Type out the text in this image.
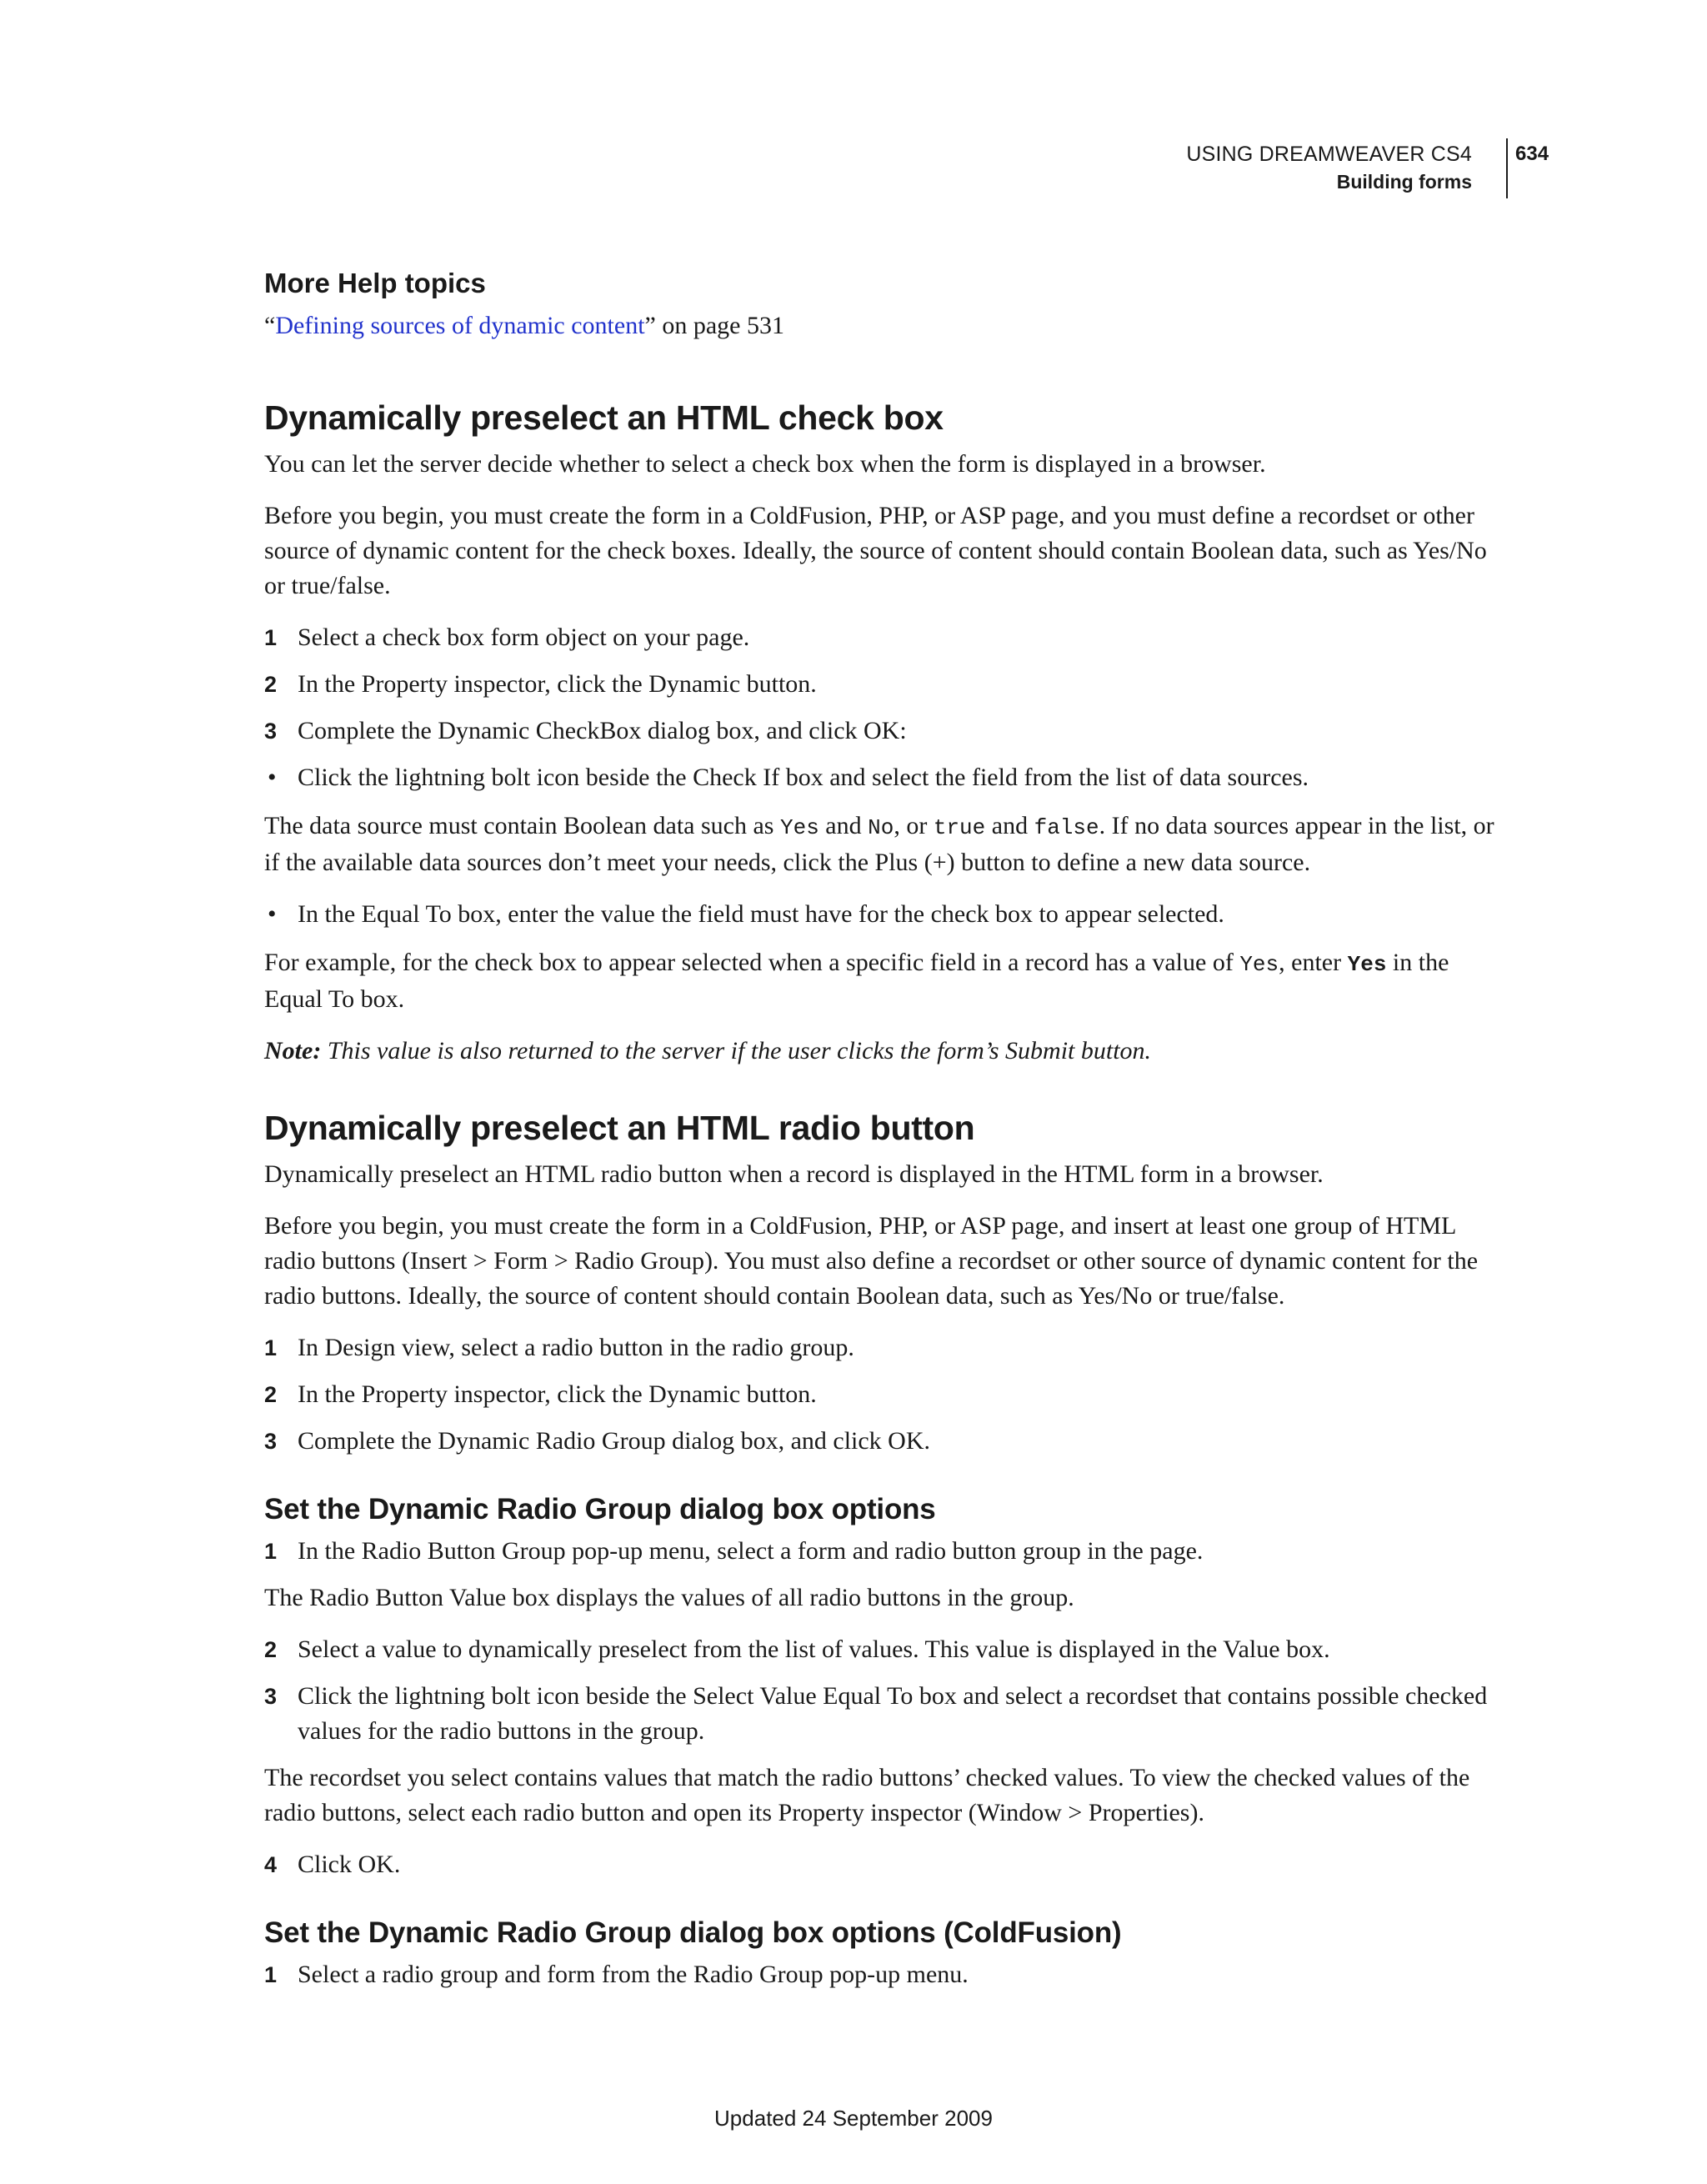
USING DREAMWEAVER CS4
Building forms
634
More Help topics

“Defining sources of dynamic content” on page 531

Dynamically preselect an HTML check box

You can let the server decide whether to select a check box when the form is displayed in a browser.

Before you begin, you must create the form in a ColdFusion, PHP, or ASP page, and you must define a recordset or other source of dynamic content for the check boxes. Ideally, the source of content should contain Boolean data, such as Yes/No or true/false.

1 Select a check box form object on your page.
2 In the Property inspector, click the Dynamic button.
3 Complete the Dynamic CheckBox dialog box, and click OK:
• Click the lightning bolt icon beside the Check If box and select the field from the list of data sources.

The data source must contain Boolean data such as Yes and No, or true and false. If no data sources appear in the list, or if the available data sources don’t meet your needs, click the Plus (+) button to define a new data source.

• In the Equal To box, enter the value the field must have for the check box to appear selected.

For example, for the check box to appear selected when a specific field in a record has a value of Yes, enter Yes in the Equal To box.

Note: This value is also returned to the server if the user clicks the form’s Submit button.

Dynamically preselect an HTML radio button

Dynamically preselect an HTML radio button when a record is displayed in the HTML form in a browser.

Before you begin, you must create the form in a ColdFusion, PHP, or ASP page, and insert at least one group of HTML radio buttons (Insert > Form > Radio Group). You must also define a recordset or other source of dynamic content for the radio buttons. Ideally, the source of content should contain Boolean data, such as Yes/No or true/false.

1 In Design view, select a radio button in the radio group.
2 In the Property inspector, click the Dynamic button.
3 Complete the Dynamic Radio Group dialog box, and click OK.
Set the Dynamic Radio Group dialog box options
1 In the Radio Button Group pop-up menu, select a form and radio button group in the page.

The Radio Button Value box displays the values of all radio buttons in the group.

2 Select a value to dynamically preselect from the list of values. This value is displayed in the Value box.
3 Click the lightning bolt icon beside the Select Value Equal To box and select a recordset that contains possible checked values for the radio buttons in the group.

The recordset you select contains values that match the radio buttons’ checked values. To view the checked values of the radio buttons, select each radio button and open its Property inspector (Window > Properties).

4 Click OK.
Set the Dynamic Radio Group dialog box options (ColdFusion)
1 Select a radio group and form from the Radio Group pop-up menu.
Updated 24 September 2009
